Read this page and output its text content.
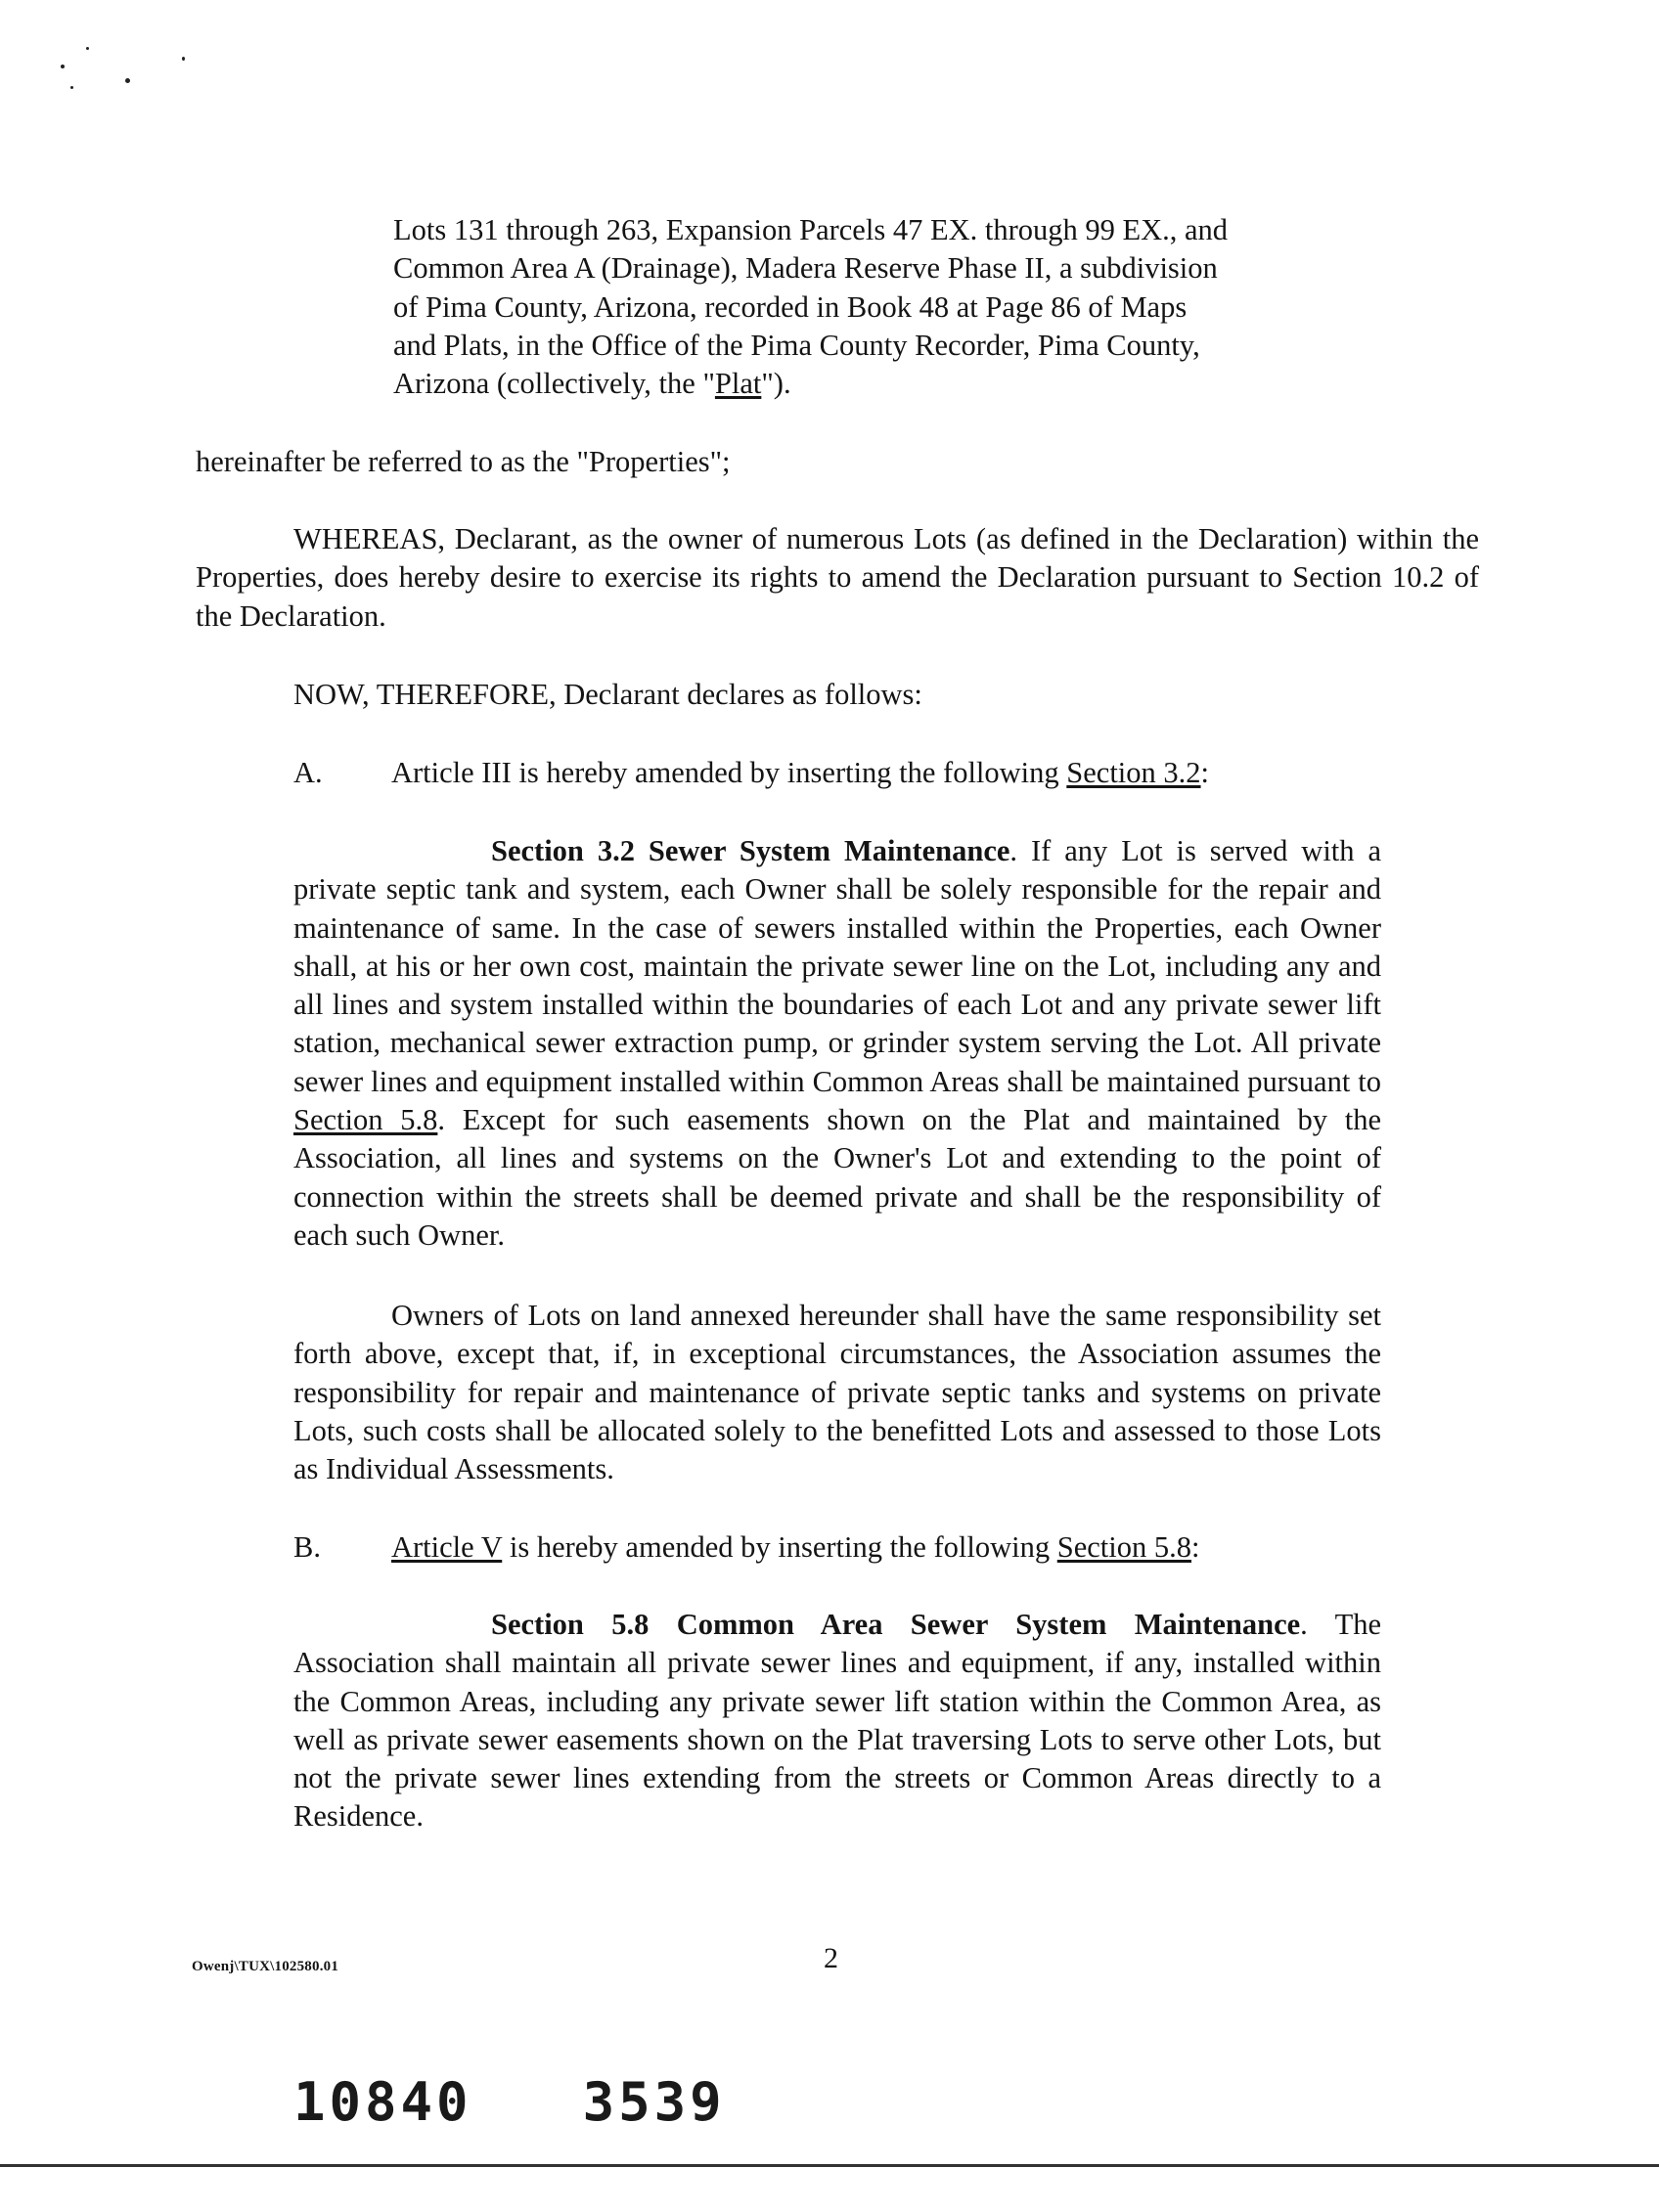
Lots 131 through 263, Expansion Parcels 47 EX. through 99 EX., and
Common Area A (Drainage), Madera Reserve Phase II, a subdivision
of Pima County, Arizona, recorded in Book 48 at Page 86 of Maps
and Plats, in the Office of the Pima County Recorder, Pima County,
Arizona (collectively, the "Plat").
hereinafter be referred to as the "Properties";
WHEREAS, Declarant, as the owner of numerous Lots (as defined in the Declaration) within the Properties, does hereby desire to exercise its rights to amend the Declaration pursuant to Section 10.2 of the Declaration.
NOW, THEREFORE, Declarant declares as follows:
A. Article III is hereby amended by inserting the following Section 3.2:
Section 3.2 Sewer System Maintenance. If any Lot is served with a private septic tank and system, each Owner shall be solely responsible for the repair and maintenance of same. In the case of sewers installed within the Properties, each Owner shall, at his or her own cost, maintain the private sewer line on the Lot, including any and all lines and system installed within the boundaries of each Lot and any private sewer lift station, mechanical sewer extraction pump, or grinder system serving the Lot. All private sewer lines and equipment installed within Common Areas shall be maintained pursuant to Section 5.8. Except for such easements shown on the Plat and maintained by the Association, all lines and systems on the Owner's Lot and extending to the point of connection within the streets shall be deemed private and shall be the responsibility of each such Owner.
Owners of Lots on land annexed hereunder shall have the same responsibility set forth above, except that, if, in exceptional circumstances, the Association assumes the responsibility for repair and maintenance of private septic tanks and systems on private Lots, such costs shall be allocated solely to the benefitted Lots and assessed to those Lots as Individual Assessments.
B. Article V is hereby amended by inserting the following Section 5.8:
Section 5.8 Common Area Sewer System Maintenance. The Association shall maintain all private sewer lines and equipment, if any, installed within the Common Areas, including any private sewer lift station within the Common Area, as well as private sewer easements shown on the Plat traversing Lots to serve other Lots, but not the private sewer lines extending from the streets or Common Areas directly to a Residence.
Owenj\TUX\102580.01	2
10840 3539
